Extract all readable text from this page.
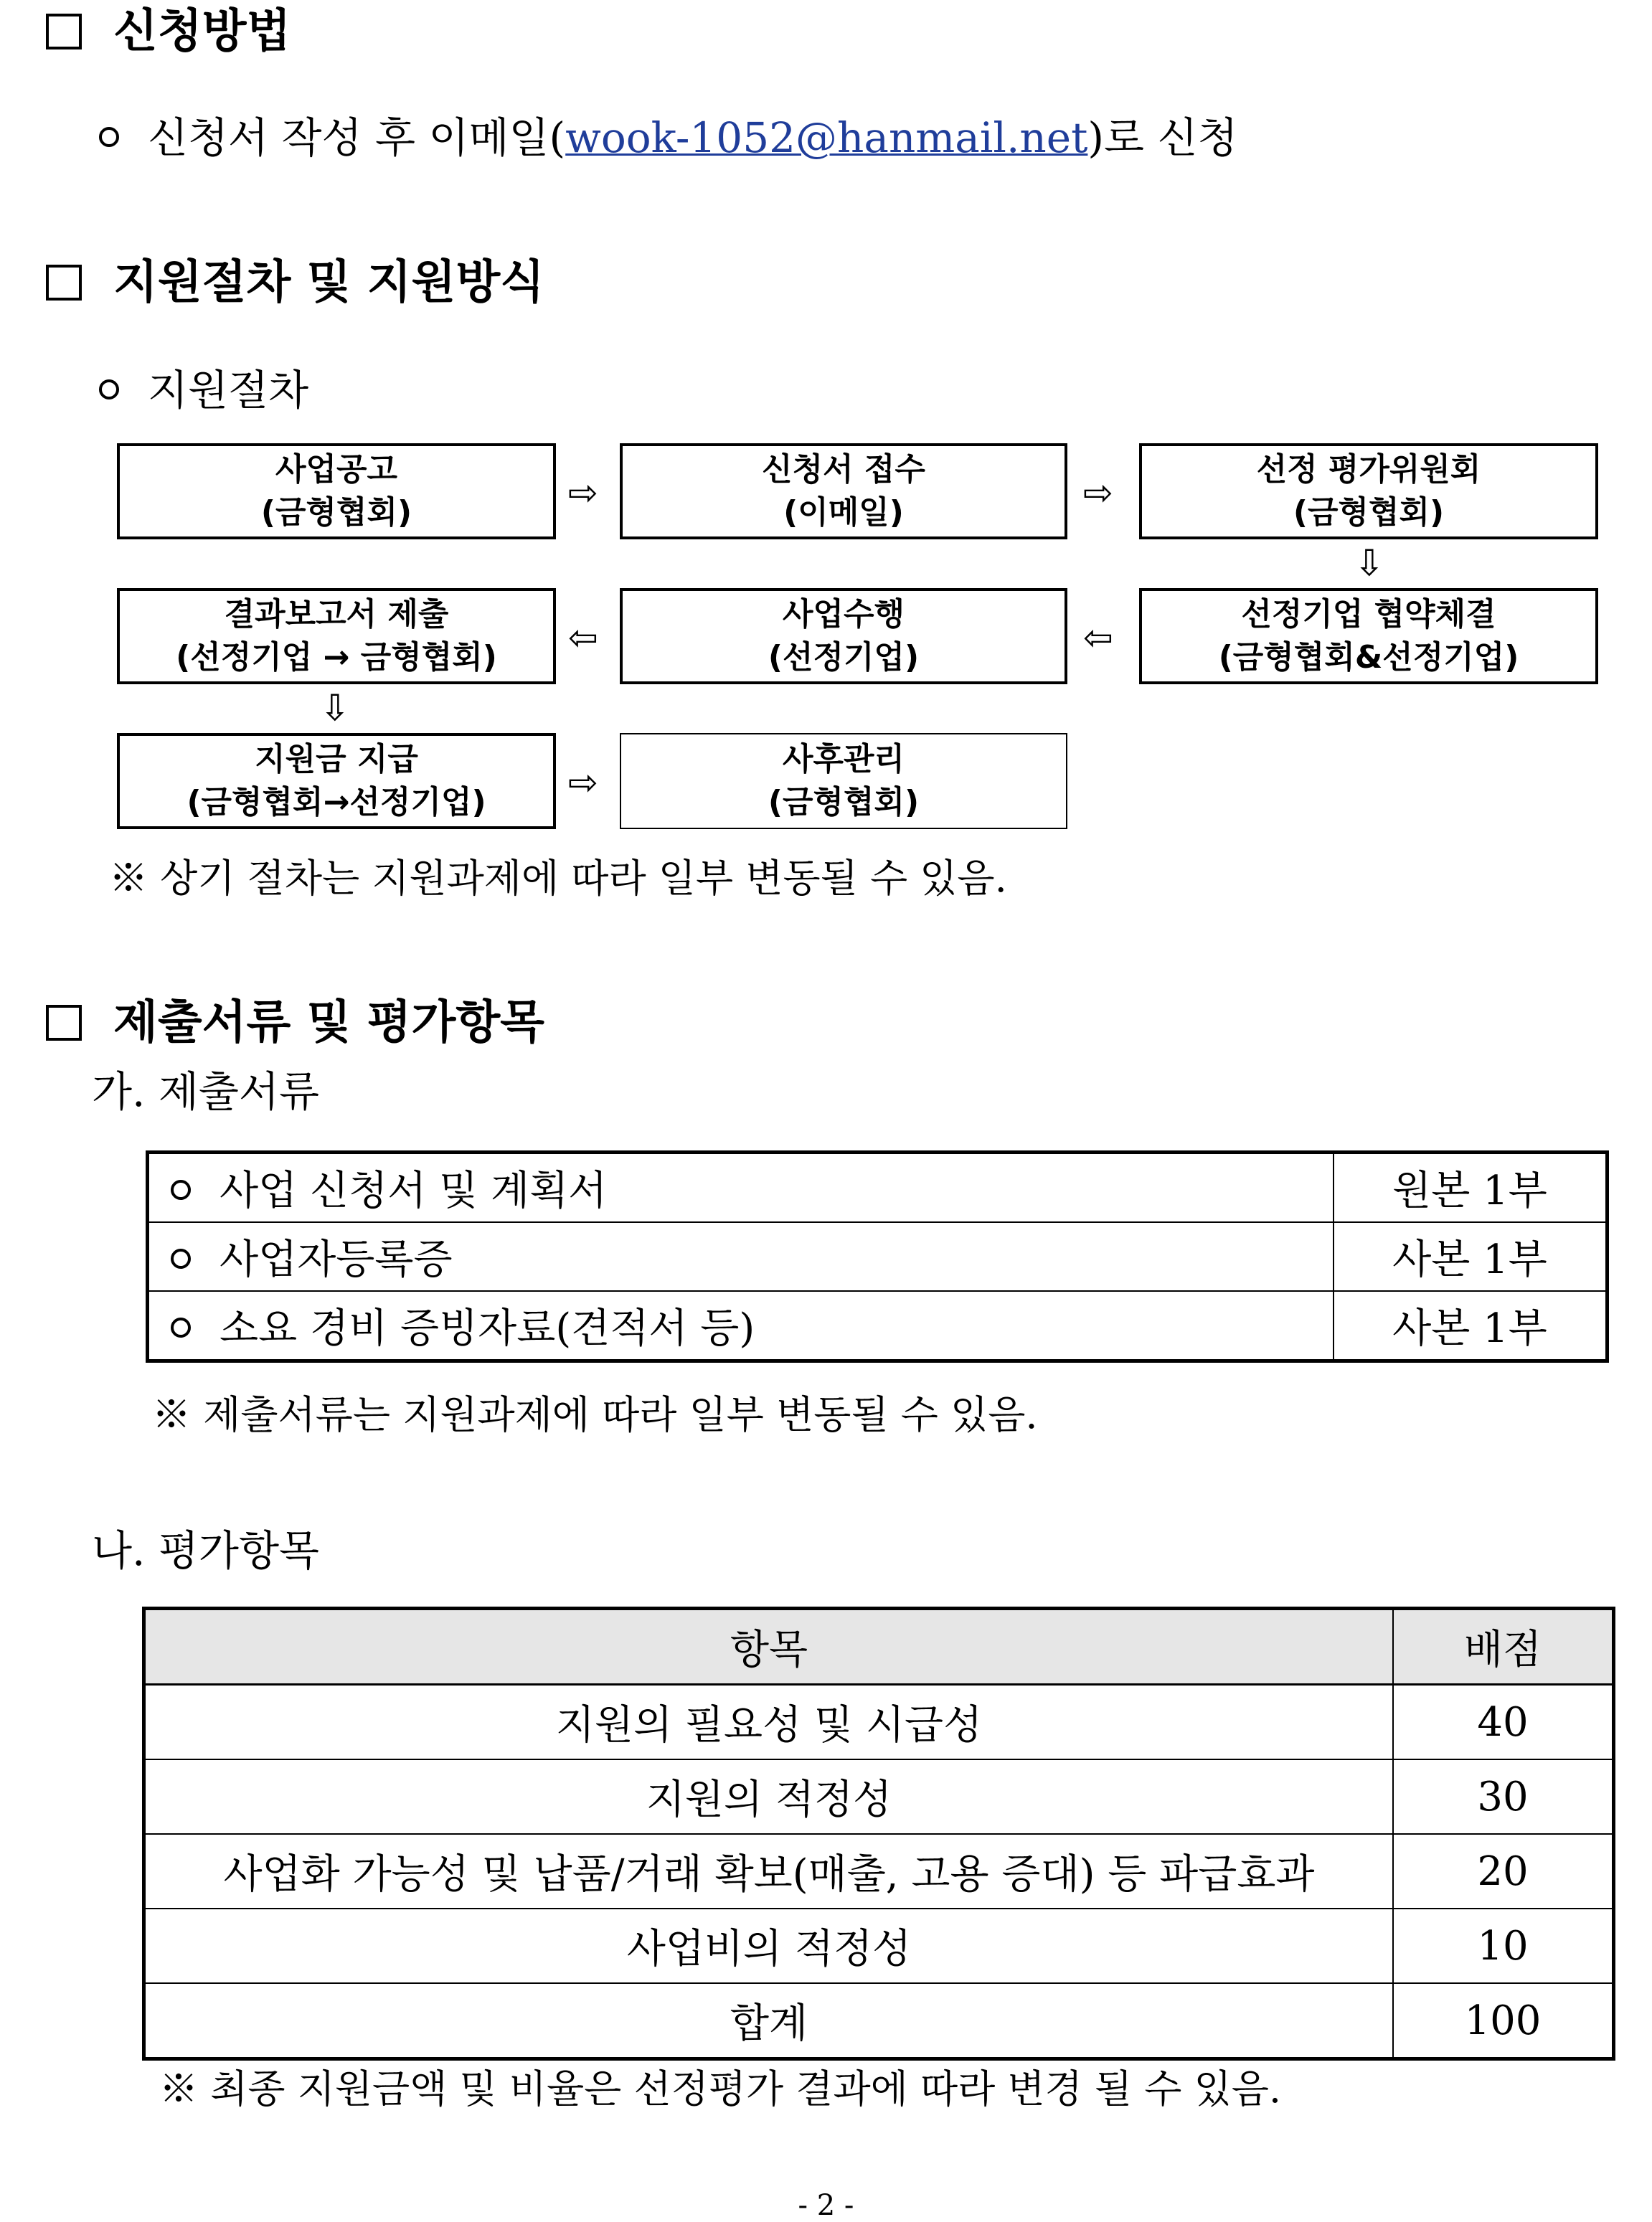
신청방법
신청서 작성 후 이메일(wook-1052@hanmail.net)로 신청
지원절차 및 지원방식
지원절차
사업공고
(금형협회)	⇨
신청서 접수
(이메일)	⇨
선정 평가위원회
(금형협회)
⇩
결과보고서 제출
(선정기업 → 금형협회) ⇦
사업수행
(선정기업)	⇦
선정기업 협약체결
(금형협회&선정기업)
⇩
지원금 지급
(금형협회→선정기업) ⇨
사후관리
(금형협회)
※ 상기 절차는 지원과제에 따라 일부 변동될 수 있음.
제출서류 및 평가항목
가. 제출서류
사업 신청서 및 계획서	원본 1부
사업자등록증	사본 1부
소요 경비 증빙자료(견적서 등)	사본 1부
※ 제출서류는 지원과제에 따라 일부 변동될 수 있음.
나. 평가항목
항목	배점
지원의 필요성 및 시급성	40
지원의 적정성	30
사업화 가능성 및 납품/거래 확보(매출, 고용 증대) 등 파급효과	20
사업비의 적정성	10
합계	100
※ 최종 지원금액 및 비율은 선정평가 결과에 따라 변경 될 수 있음.
- 2 -
